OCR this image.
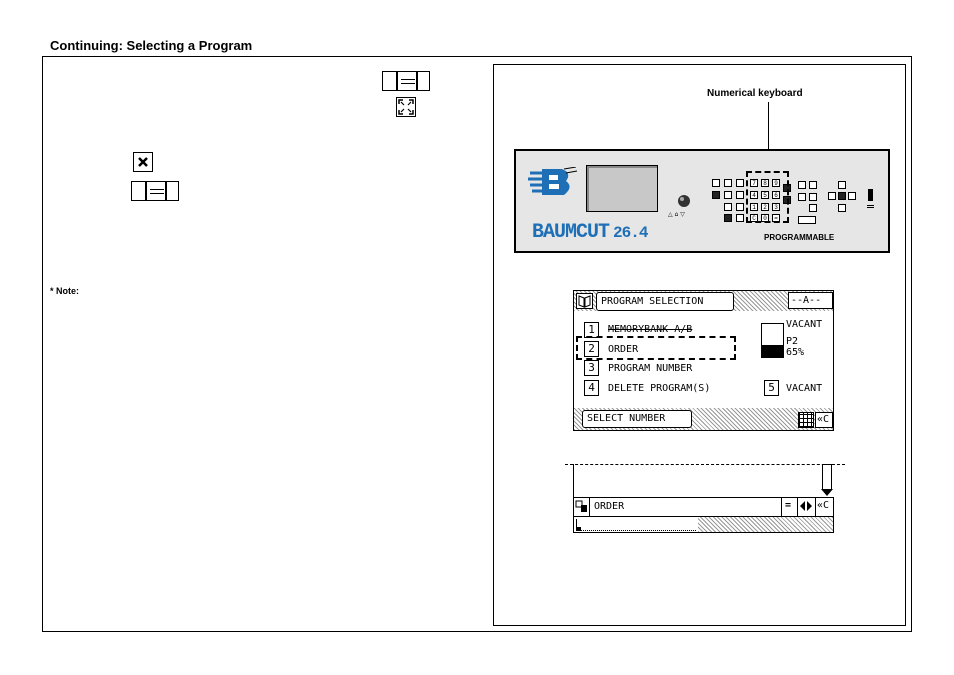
Continuing: Selecting a Program
* Note:
Numerical keyboard
△ ⌂ ▽
BAUMCUT 26.4	PROGRAMMABLE
7	8	9
4	5	6
1	2	3
C	0	=
PROGRAM SELECTION	--A--
1	MEMORYBANK A/B
2	ORDER
3	PROGRAM NUMBER
4	DELETE PROGRAM(S)
VACANT
P2
65%
5	VACANT
SELECT NUMBER	«C
ORDER	=	«C
